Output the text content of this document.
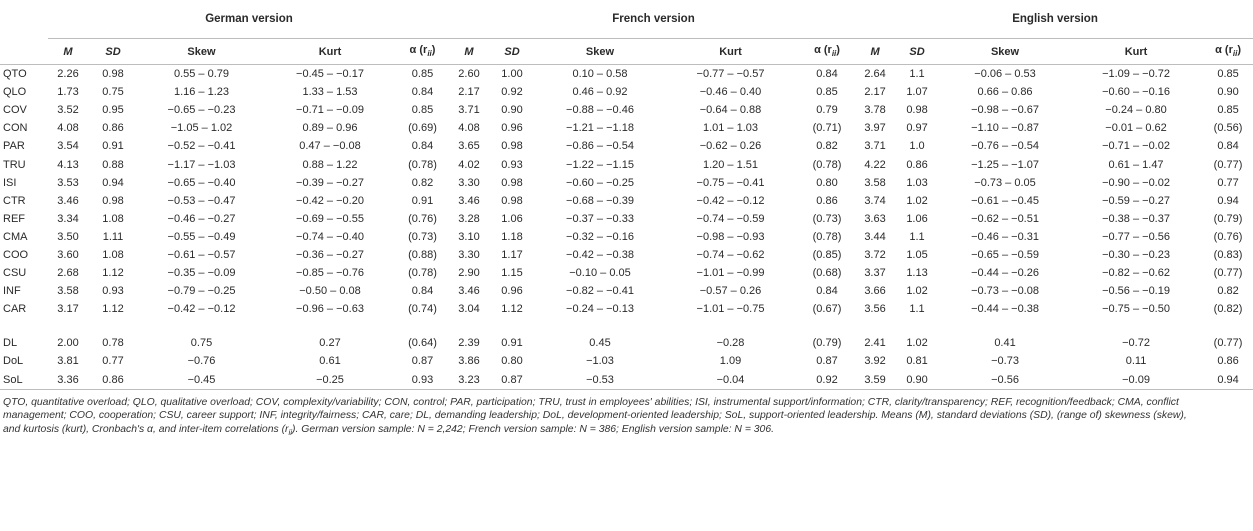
	German version					French version					English version				
	M	SD	Skew	Kurt	α $(r_{ii})$	M	SD	Skew	Kurt	α $(r_{ii})$	M	SD	Skew	Kurt	α $(r_{ii})$
QTO	2.26	0.98	0.55 – 0.79	−0.45 – −0.17	0.85	2.60	1.00	0.10 – 0.58	−0.77 – −0.57	0.84	2.64	1.1	−0.06 – 0.53	−1.09 – −0.72	0.85
QLO	1.73	0.75	1.16 – 1.23	1.33 – 1.53	0.84	2.17	0.92	0.46 – 0.92	−0.46 – 0.40	0.85	2.17	1.07	0.66 – 0.86	−0.60 – −0.16	0.90
COV	3.52	0.95	−0.65 – −0.23	−0.71 – −0.09	0.85	3.71	0.90	−0.88 – −0.46	−0.64 – 0.88	0.79	3.78	0.98	−0.98 – −0.67	−0.24 – 0.80	0.85
CON	4.08	0.86	−1.05 – 1.02	0.89 – 0.96	(0.69)	4.08	0.96	−1.21 – −1.18	1.01 – 1.03	(0.71)	3.97	0.97	−1.10 – −0.87	−0.01 – 0.62	(0.56)
PAR	3.54	0.91	−0.52 – −0.41	0.47 – −0.08	0.84	3.65	0.98	−0.86 – −0.54	−0.62 – 0.26	0.82	3.71	1.0	−0.76 – −0.54	−0.71 – −0.02	0.84
TRU	4.13	0.88	−1.17 – −1.03	0.88 – 1.22	(0.78)	4.02	0.93	−1.22 – −1.15	1.20 – 1.51	(0.78)	4.22	0.86	−1.25 – −1.07	0.61 – 1.47	(0.77)
ISI	3.53	0.94	−0.65 – −0.40	−0.39 – −0.27	0.82	3.30	0.98	−0.60 – −0.25	−0.75 – −0.41	0.80	3.58	1.03	−0.73 – 0.05	−0.90 – −0.02	0.77
CTR	3.46	0.98	−0.53 – −0.47	−0.42 – −0.20	0.91	3.46	0.98	−0.68 – −0.39	−0.42 – −0.12	0.86	3.74	1.02	−0.61 – −0.45	−0.59 – −0.27	0.94
REF	3.34	1.08	−0.46 – −0.27	−0.69 – −0.55	(0.76)	3.28	1.06	−0.37 – −0.33	−0.74 – −0.59	(0.73)	3.63	1.06	−0.62 – −0.51	−0.38 – −0.37	(0.79)
CMA	3.50	1.11	−0.55 – −0.49	−0.74 – −0.40	(0.73)	3.10	1.18	−0.32 – −0.16	−0.98 – −0.93	(0.78)	3.44	1.1	−0.46 – −0.31	−0.77 – −0.56	(0.76)
COO	3.60	1.08	−0.61 – −0.57	−0.36 – −0.27	(0.88)	3.30	1.17	−0.42 – −0.38	−0.74 – −0.62	(0.85)	3.72	1.05	−0.65 – −0.59	−0.30 – −0.23	(0.83)
CSU	2.68	1.12	−0.35 – −0.09	−0.85 – −0.76	(0.78)	2.90	1.15	−0.10 – 0.05	−1.01 – −0.99	(0.68)	3.37	1.13	−0.44 – −0.26	−0.82 – −0.62	(0.77)
INF	3.58	0.93	−0.79 – −0.25	−0.50 – 0.08	0.84	3.46	0.96	−0.82 – −0.41	−0.57 – 0.26	0.84	3.66	1.02	−0.73 – −0.08	−0.56 – −0.19	0.82
CAR	3.17	1.12	−0.42 – −0.12	−0.96 – −0.63	(0.74)	3.04	1.12	−0.24 – −0.13	−1.01 – −0.75	(0.67)	3.56	1.1	−0.44 – −0.38	−0.75 – −0.50	(0.82)

DL	2.00	0.78	0.75	0.27	(0.64)	2.39	0.91	0.45	−0.28	(0.79)	2.41	1.02	0.41	−0.72	(0.77)
DoL	3.81	0.77	−0.76	0.61	0.87	3.86	0.80	−1.03	1.09	0.87	3.92	0.81	−0.73	0.11	0.86
SoL	3.36	0.86	−0.45	−0.25	0.93	3.23	0.87	−0.53	−0.04	0.92	3.59	0.90	−0.56	−0.09	0.94
QTO, quantitative overload; QLO, qualitative overload; COV, complexity/variability; CON, control; PAR, participation; TRU, trust in employees' abilities; ISI, instrumental support/information; CTR, clarity/transparency; REF, recognition/feedback; CMA, conflict management; COO, cooperation; CSU, career support; INF, integrity/fairness; CAR, care; DL, demanding leadership; DoL, development-oriented leadership; SoL, support-oriented leadership. Means (M), standard deviations (SD), (range of) skewness (skew), and kurtosis (kurt), Cronbach's α, and inter-item correlations $(r_{ii})$. German version sample: N = 2,242; French version sample: N = 386; English version sample: N = 306.
